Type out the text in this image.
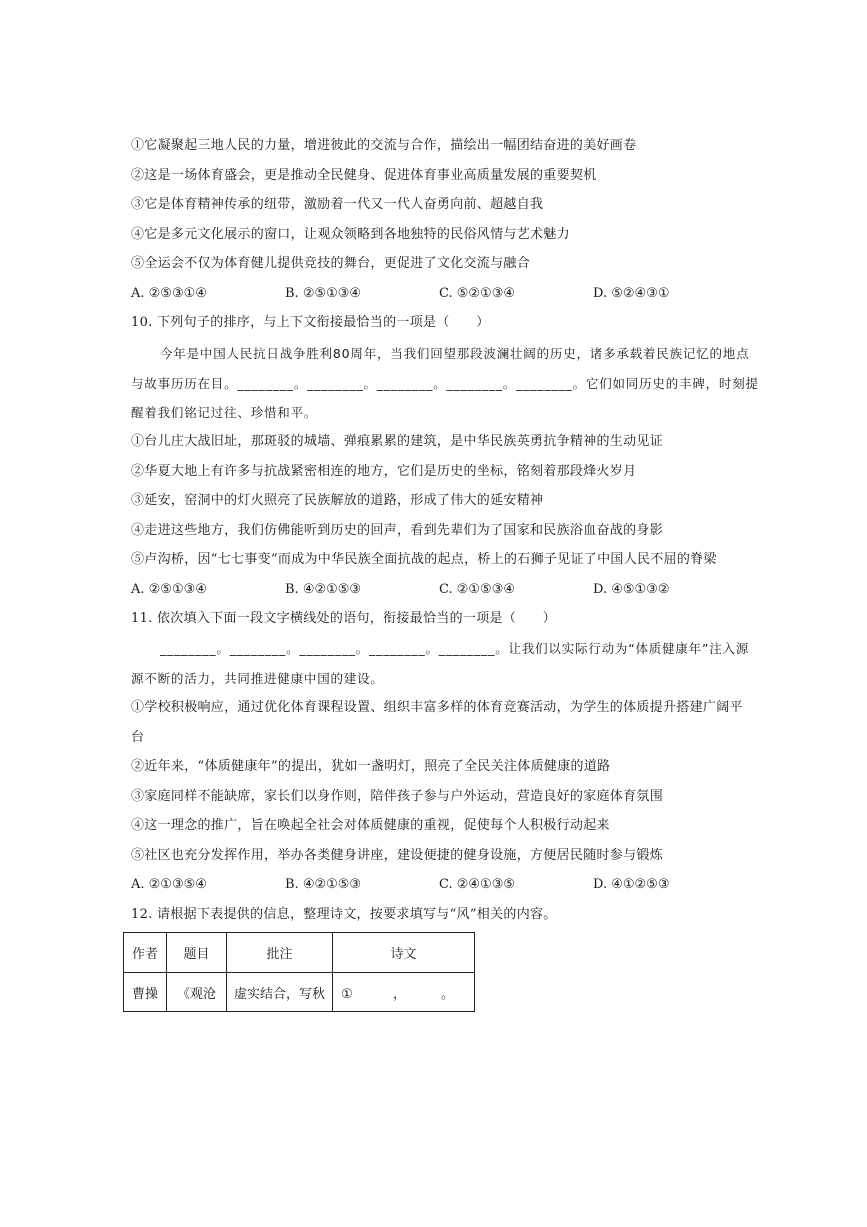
①它凝聚起三地人民的力量，增进彼此的交流与合作，描绘出一幅团结奋进的美好画卷
②这是一场体育盛会，更是推动全民健身、促进体育事业高质量发展的重要契机
③它是体育精神传承的纽带，激励着一代又一代人奋勇向前、超越自我
④它是多元文化展示的窗口，让观众领略到各地独特的民俗风情与艺术魅力
⑤全运会不仅为体育健儿提供竞技的舞台，更促进了文化交流与融合
A. ②⑤③①④	B. ②⑤①③④	C. ⑤②①③④	D. ⑤②④③①
10. 下列句子的排序，与上下文衔接最恰当的一项是（　　）
今年是中国人民抗日战争胜利80周年，当我们回望那段波澜壮阔的历史，诸多承载着民族记忆的地点
与故事历历在目。________。________。________。________。________。它们如同历史的丰碑，时刻提
醒着我们铭记过往、珍惜和平。
①台儿庄大战旧址，那斑驳的城墙、弹痕累累的建筑，是中华民族英勇抗争精神的生动见证
②华夏大地上有许多与抗战紧密相连的地方，它们是历史的坐标，铭刻着那段烽火岁月
③延安，窑洞中的灯火照亮了民族解放的道路，形成了伟大的延安精神
④走进这些地方，我们仿佛能听到历史的回声，看到先辈们为了国家和民族浴血奋战的身影
⑤卢沟桥，因“七七事变”而成为中华民族全面抗战的起点，桥上的石狮子见证了中国人民不屈的脊梁
A. ②⑤①③④	B. ④②①⑤③	C. ②①⑤③④	D. ④⑤①③②
11. 依次填入下面一段文字横线处的语句，衔接最恰当的一项是（　　）
________。________。________。________。________。让我们以实际行动为“体质健康年”注入源
源不断的活力，共同推进健康中国的建设。
①学校积极响应，通过优化体育课程设置、组织丰富多样的体育竞赛活动，为学生的体质提升搭建广阔平
台
②近年来，“体质健康年”的提出，犹如一盏明灯，照亮了全民关注体质健康的道路
③家庭同样不能缺席，家长们以身作则，陪伴孩子参与户外运动，营造良好的家庭体育氛围
④这一理念的推广，旨在唤起全社会对体质健康的重视，促使每个人积极行动起来
⑤社区也充分发挥作用，举办各类健身讲座，建设便捷的健身设施，方便居民随时参与锻炼
A. ②①③⑤④	B. ④②①⑤③	C. ②④①③⑤	D. ④①②⑤③
12. 请根据下表提供的信息，整理诗文，按要求填写与“风”相关的内容。
作者	题目	批注	诗文
曹操	《观沧	虚实结合，写秋	① ， 。
